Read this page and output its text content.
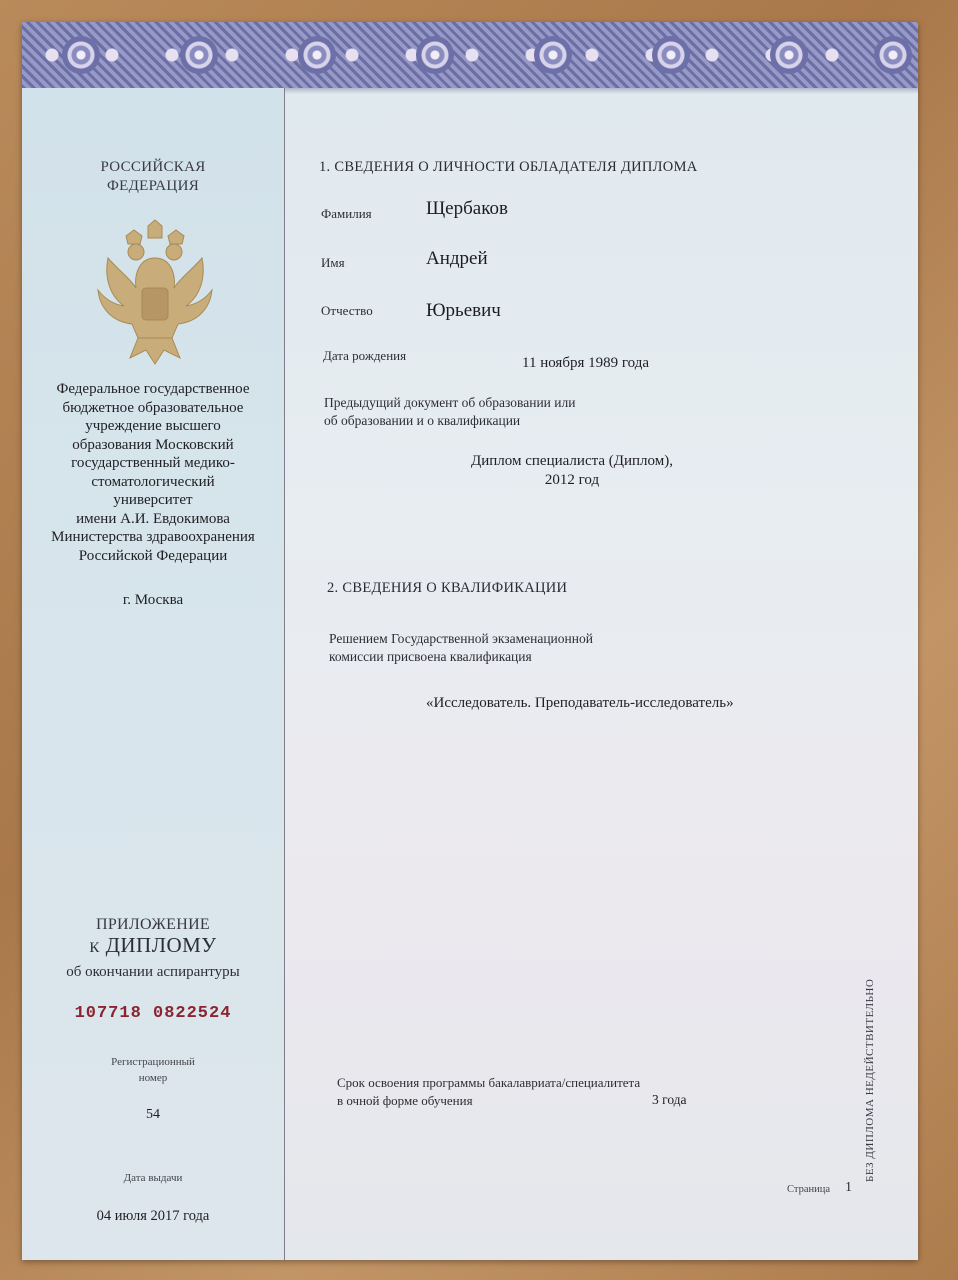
РОССИЙСКАЯ
ФЕДЕРАЦИЯ
Федеральное государственное
бюджетное образовательное
учреждение высшего
образования Московский
государственный медико-
стоматологический
университет
имени А.И. Евдокимова
Министерства здравоохранения
Российской Федерации
г. Москва
ПРИЛОЖЕНИЕ
к ДИПЛОМУ
об окончании аспирантуры
107718 0822524
Регистрационный
номер
54
Дата выдачи
04 июля 2017 года
1. СВЕДЕНИЯ О ЛИЧНОСТИ ОБЛАДАТЕЛЯ ДИПЛОМА
Фамилия	Щербаков
Имя	Андрей
Отчество	Юрьевич
Дата рождения	11 ноября 1989 года
Предыдущий документ об образовании или
об образовании и о квалификации
Диплом специалиста (Диплом),
2012 год
2. СВЕДЕНИЯ О КВАЛИФИКАЦИИ
Решением Государственной экзаменационной
комиссии присвоена квалификация
«Исследователь. Преподаватель-исследователь»
Срок освоения программы бакалавриата/специалитета
в очной форме обучения	3 года
Страница 1
БЕЗ ДИПЛОМА НЕДЕЙСТВИТЕЛЬНО
